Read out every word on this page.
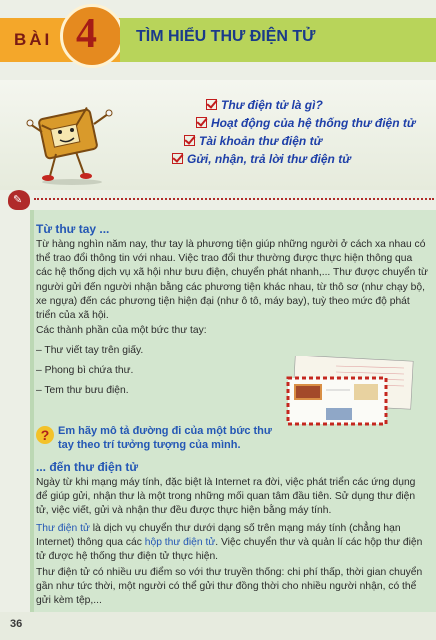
BÀI 4 TÌM HIỂU THƯ ĐIỆN TỬ
Thư điện tử là gì?
Hoạt động của hệ thống thư điện tử
Tài khoản thư điện tử
Gửi, nhận, trả lời thư điện tử
✎
Từ thư tay ...
Từ hàng nghìn năm nay, thư tay là phương tiện giúp những người ở cách xa nhau có thể trao đổi thông tin với nhau. Việc trao đổi thư thường được thực hiện thông qua các hệ thống dịch vụ xã hội như bưu điện, chuyển phát nhanh,... Thư được chuyển từ người gửi đến người nhận bằng các phương tiện khác nhau, từ thô sơ (như chạy bộ, xe ngựa) đến các phương tiện hiện đại (như ô tô, máy bay), tuỳ theo mức độ phát triển của xã hội.
Các thành phần của một bức thư tay:
– Thư viết tay trên giấy.
– Phong bì chứa thư.
– Tem thư bưu điện.
? Em hãy mô tả đường đi của một bức thư tay theo trí tưởng tượng của mình.
... đến thư điện tử
Ngày từ khi mạng máy tính, đặc biệt là Internet ra đời, việc phát triển các ứng dụng để giúp gửi, nhận thư là một trong những mối quan tâm đầu tiên. Sử dụng thư điện tử, việc viết, gửi và nhận thư đều được thực hiện bằng máy tính.
Thư điện tử là dịch vụ chuyển thư dưới dạng số trên mạng máy tính (chẳng hạn Internet) thông qua các hộp thư điện tử. Việc chuyển thư và quản lí các hộp thư điện tử được hệ thống thư điện tử thực hiện.
Thư điện tử có nhiều ưu điểm so với thư truyền thống: chi phí thấp, thời gian chuyển gần như tức thời, một người có thể gửi thư đồng thời cho nhiều người nhận, có thể gửi kèm tệp,...
36
